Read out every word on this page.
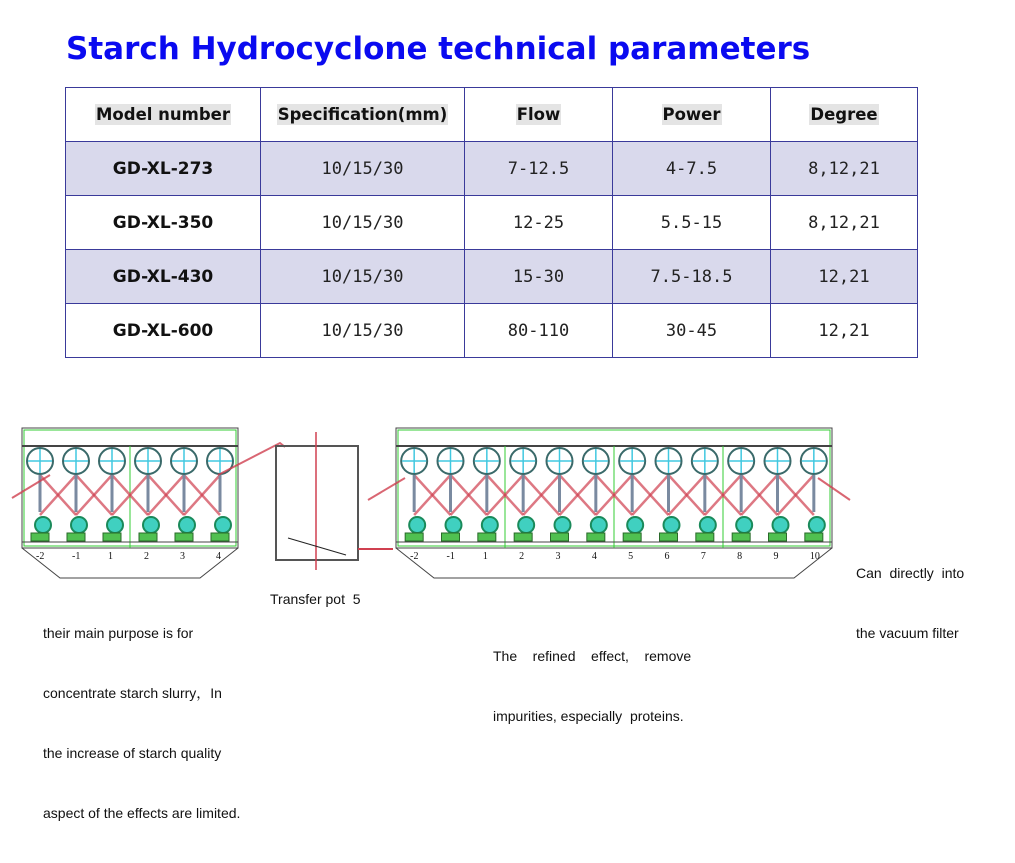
Starch Hydrocyclone technical parameters
Model number	Specification(mm)	Flow	Power	Degree
GD-XL-273	10/15/30	7-12.5	4-7.5	8,12,21
GD-XL-350	10/15/30	12-25	5.5-15	8,12,21
GD-XL-430	10/15/30	15-30	7.5-18.5	12,21
GD-XL-600	10/15/30	80-110	30-45	12,21
-2	-1	1	2	3	4	-2	-1	1	2	3	4	5	6	7	8	9	10

their main purpose is for

concentrate starch slurry，In

the increase of starch quality

aspect of the effects are limited.

Transfer pot  5

The    refined    effect,    remove

impurities, especially  proteins.

Can  directly  into

the vacuum filter
